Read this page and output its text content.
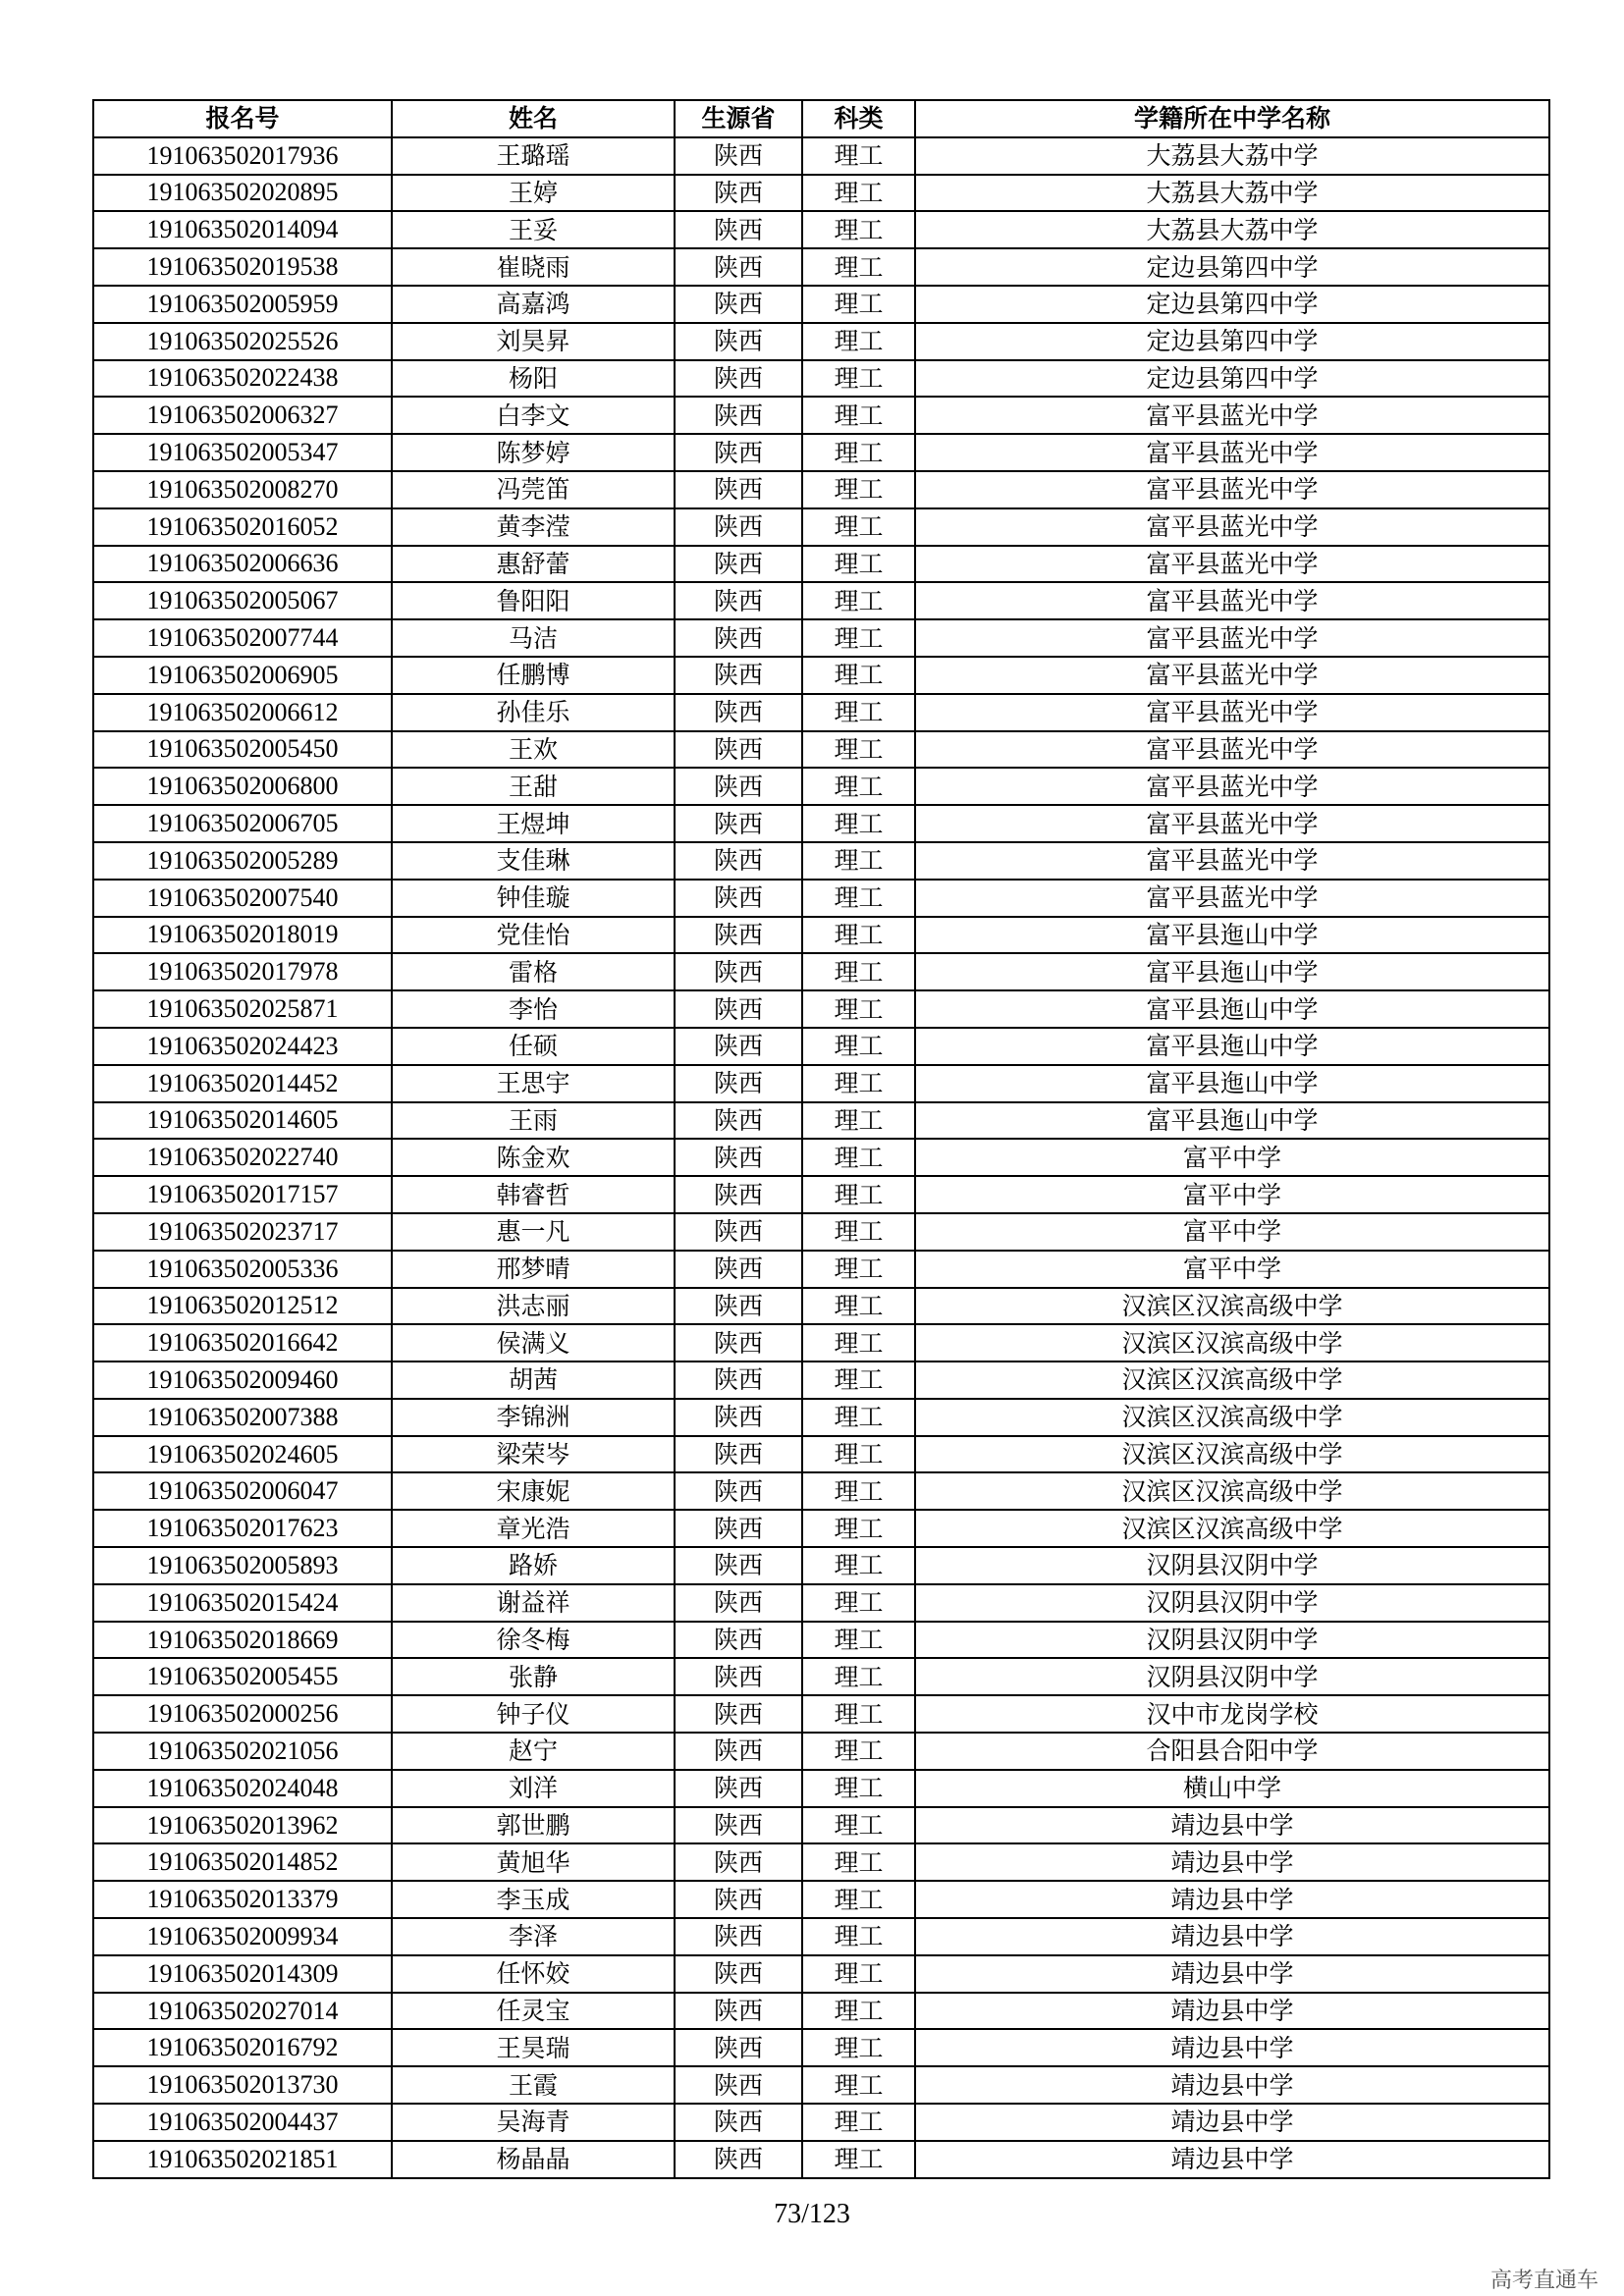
报名号	姓名	生源省	科类	学籍所在中学名称
191063502017936	王璐瑶	陕西	理工	大荔县大荔中学
191063502020895	王婷	陕西	理工	大荔县大荔中学
191063502014094	王妥	陕西	理工	大荔县大荔中学
191063502019538	崔晓雨	陕西	理工	定边县第四中学
191063502005959	高嘉鸿	陕西	理工	定边县第四中学
191063502025526	刘昊昇	陕西	理工	定边县第四中学
191063502022438	杨阳	陕西	理工	定边县第四中学
191063502006327	白李文	陕西	理工	富平县蓝光中学
191063502005347	陈梦婷	陕西	理工	富平县蓝光中学
191063502008270	冯莞笛	陕西	理工	富平县蓝光中学
191063502016052	黄李滢	陕西	理工	富平县蓝光中学
191063502006636	惠舒蕾	陕西	理工	富平县蓝光中学
191063502005067	鲁阳阳	陕西	理工	富平县蓝光中学
191063502007744	马洁	陕西	理工	富平县蓝光中学
191063502006905	任鹏博	陕西	理工	富平县蓝光中学
191063502006612	孙佳乐	陕西	理工	富平县蓝光中学
191063502005450	王欢	陕西	理工	富平县蓝光中学
191063502006800	王甜	陕西	理工	富平县蓝光中学
191063502006705	王煜坤	陕西	理工	富平县蓝光中学
191063502005289	支佳琳	陕西	理工	富平县蓝光中学
191063502007540	钟佳璇	陕西	理工	富平县蓝光中学
191063502018019	党佳怡	陕西	理工	富平县迤山中学
191063502017978	雷格	陕西	理工	富平县迤山中学
191063502025871	李怡	陕西	理工	富平县迤山中学
191063502024423	任硕	陕西	理工	富平县迤山中学
191063502014452	王思宇	陕西	理工	富平县迤山中学
191063502014605	王雨	陕西	理工	富平县迤山中学
191063502022740	陈金欢	陕西	理工	富平中学
191063502017157	韩睿哲	陕西	理工	富平中学
191063502023717	惠一凡	陕西	理工	富平中学
191063502005336	邢梦晴	陕西	理工	富平中学
191063502012512	洪志丽	陕西	理工	汉滨区汉滨高级中学
191063502016642	侯满义	陕西	理工	汉滨区汉滨高级中学
191063502009460	胡茜	陕西	理工	汉滨区汉滨高级中学
191063502007388	李锦洲	陕西	理工	汉滨区汉滨高级中学
191063502024605	梁荣岑	陕西	理工	汉滨区汉滨高级中学
191063502006047	宋康妮	陕西	理工	汉滨区汉滨高级中学
191063502017623	章光浩	陕西	理工	汉滨区汉滨高级中学
191063502005893	路娇	陕西	理工	汉阴县汉阴中学
191063502015424	谢益祥	陕西	理工	汉阴县汉阴中学
191063502018669	徐冬梅	陕西	理工	汉阴县汉阴中学
191063502005455	张静	陕西	理工	汉阴县汉阴中学
191063502000256	钟子仪	陕西	理工	汉中市龙岗学校
191063502021056	赵宁	陕西	理工	合阳县合阳中学
191063502024048	刘洋	陕西	理工	横山中学
191063502013962	郭世鹏	陕西	理工	靖边县中学
191063502014852	黄旭华	陕西	理工	靖边县中学
191063502013379	李玉成	陕西	理工	靖边县中学
191063502009934	李泽	陕西	理工	靖边县中学
191063502014309	任怀姣	陕西	理工	靖边县中学
191063502027014	任灵宝	陕西	理工	靖边县中学
191063502016792	王昊瑞	陕西	理工	靖边县中学
191063502013730	王霞	陕西	理工	靖边县中学
191063502004437	吴海青	陕西	理工	靖边县中学
191063502021851	杨晶晶	陕西	理工	靖边县中学
73/123
高考直通车
